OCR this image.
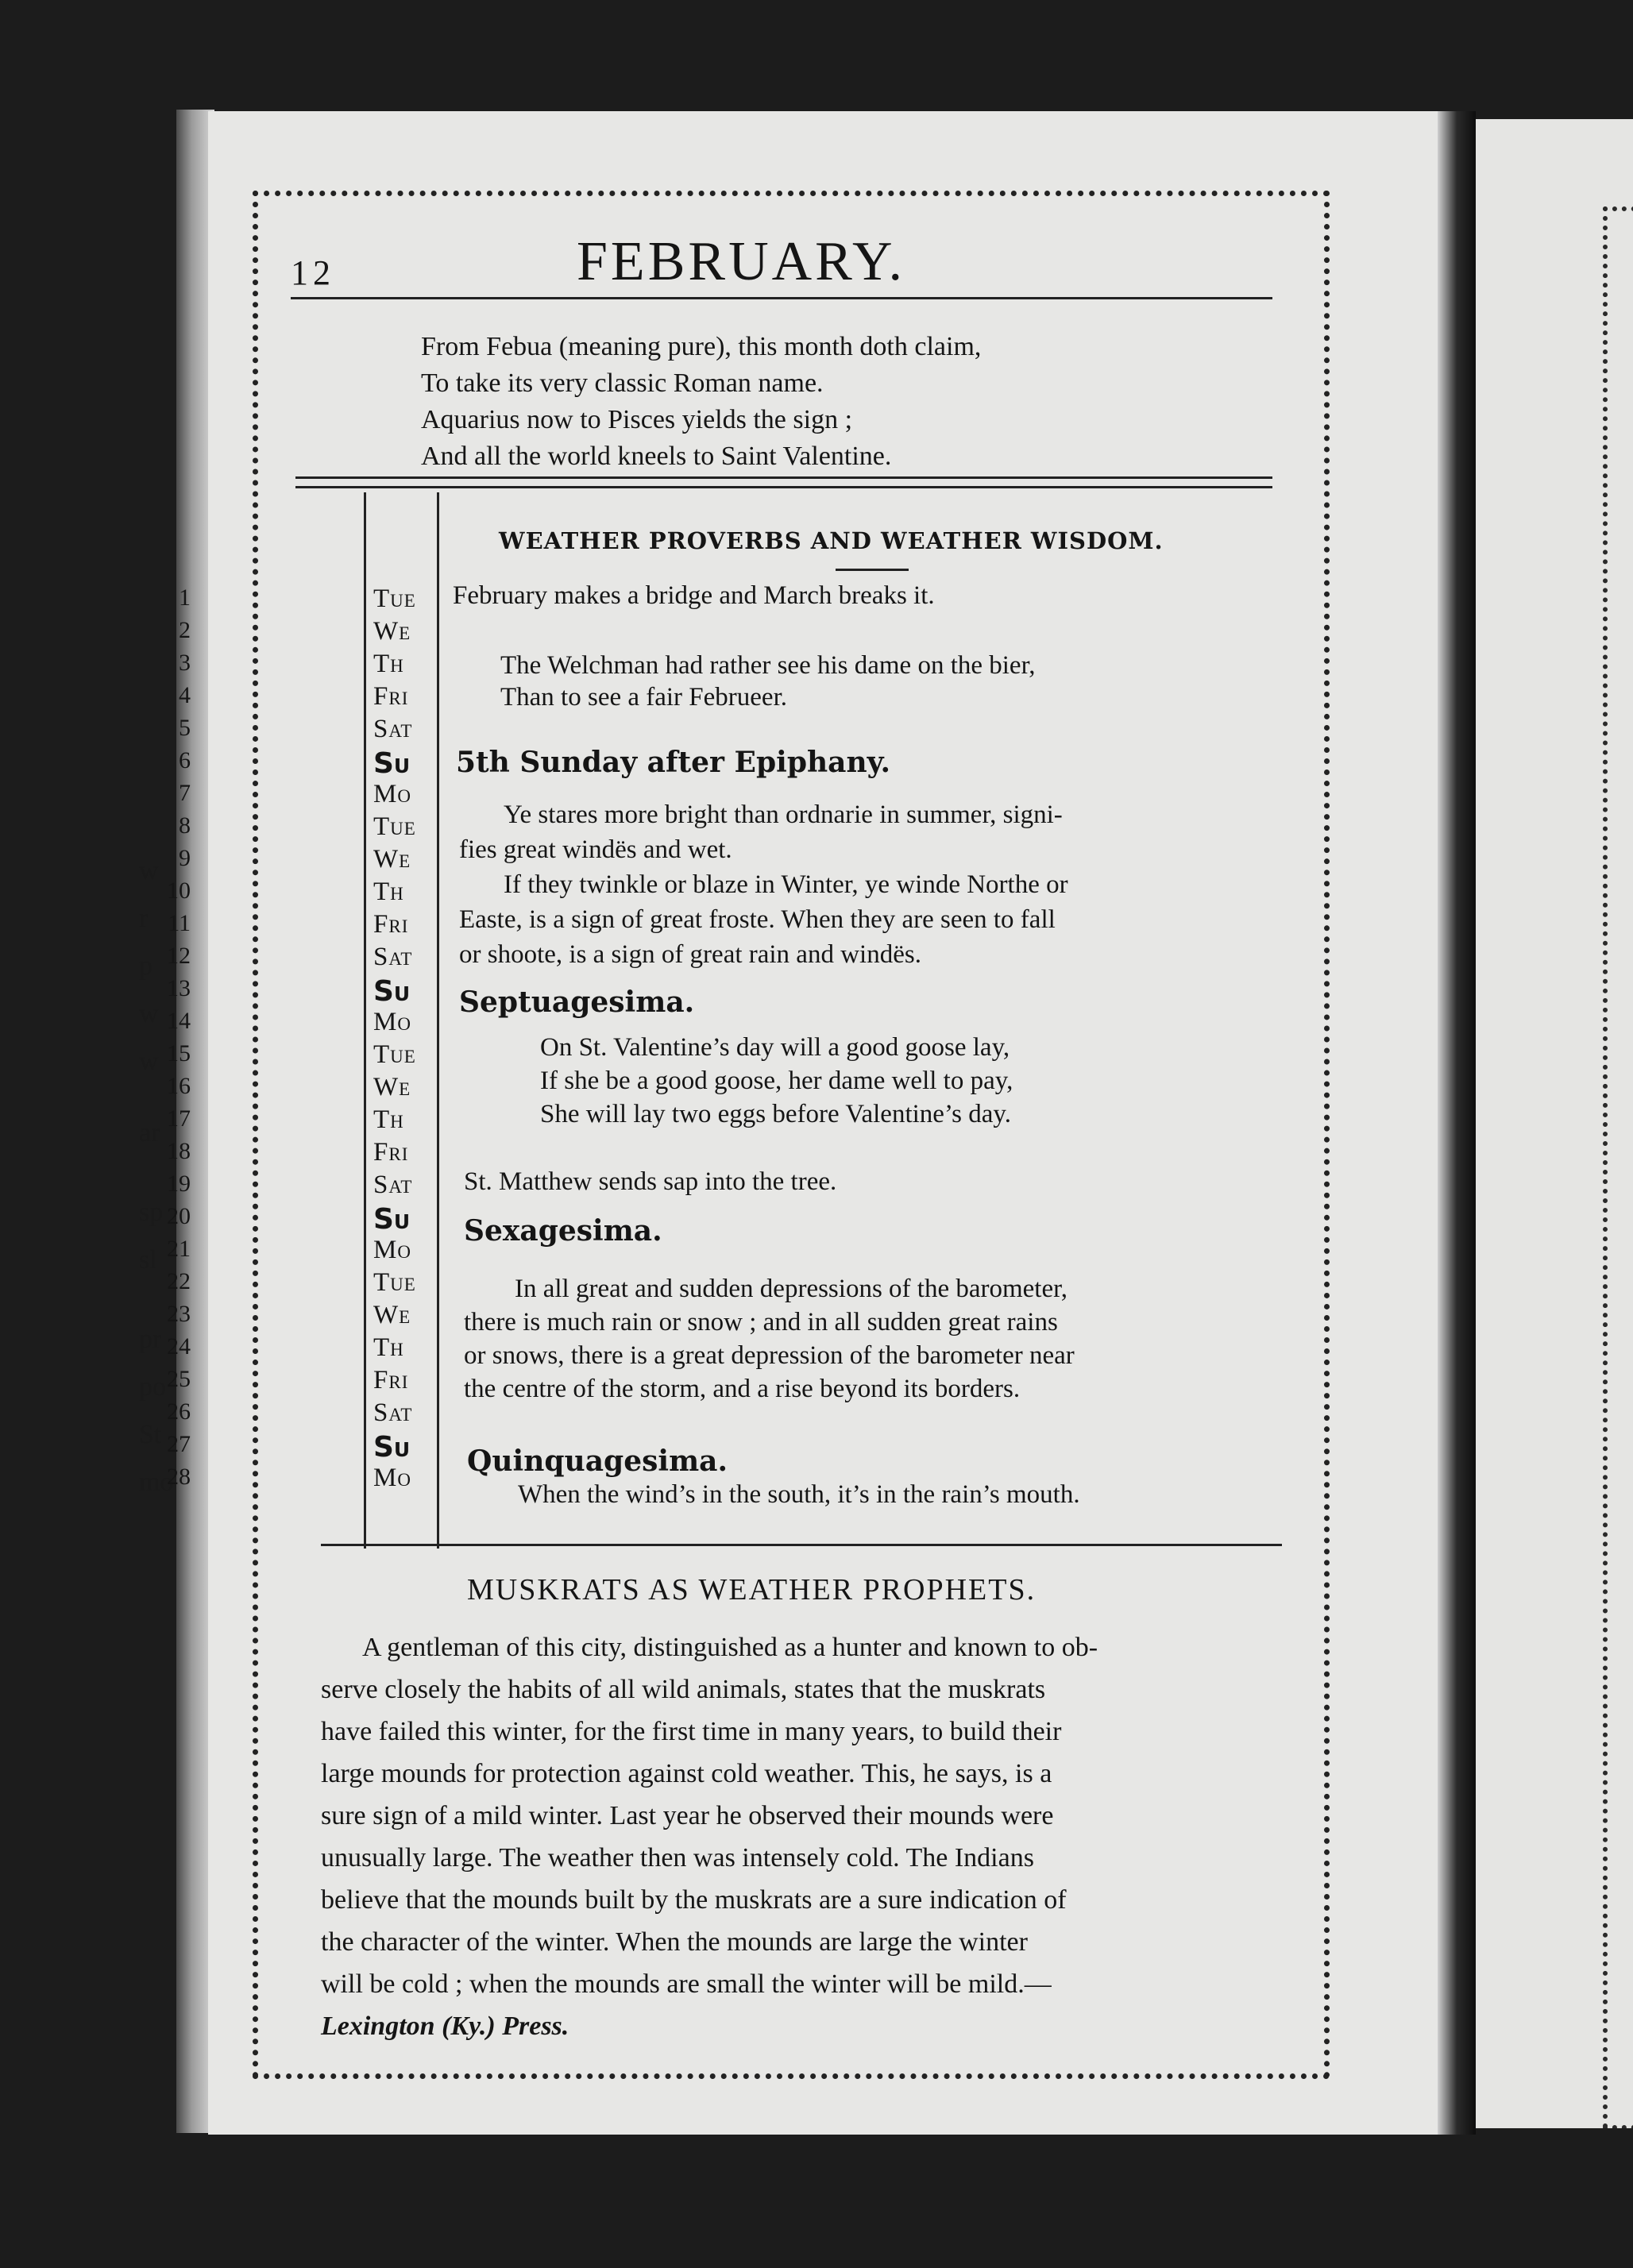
w
r
p
w
w
ar
sp
sl
pr
po
St
mo
12	FEBRUARY.
From Febua (meaning pure), this month doth claim,
To take its very classic Roman name.
Aquarius now to Pisces yields the sign ;
And all the world kneels to Saint Valentine.
1	Tue
2	We
3	Th
4	Fri
5	Sat
6	Su
7	Mo
8	Tue
9	We
10	Th
11	Fri
12	Sat
13	Su
14	Mo
15	Tue
16	We
17	Th
18	Fri
19	Sat
20	Su
21	Mo
22	Tue
23	We
24	Th
25	Fri
26	Sat
27	Su
28	Mo
WEATHER PROVERBS AND WEATHER WISDOM.
February makes a bridge and March breaks it.
The Welchman had rather see his dame on the bier,
Than to see a fair Februeer.
5th Sunday after Epiphany.
Ye stares more bright than ordnarie in summer, signi-
fies great windës and wet.
If they twinkle or blaze in Winter, ye winde Northe or
Easte, is a sign of great froste. When they are seen to fall
or shoote, is a sign of great rain and windës.
Septuagesima.
On St. Valentine’s day will a good goose lay,
If she be a good goose, her dame well to pay,
She will lay two eggs before Valentine’s day.
St. Matthew sends sap into the tree.
Sexagesima.
In all great and sudden depressions of the barometer,
there is much rain or snow ; and in all sudden great rains
or snows, there is a great depression of the barometer near
the centre of the storm, and a rise beyond its borders.
Quinquagesima.
When the wind’s in the south, it’s in the rain’s mouth.
MUSKRATS AS WEATHER PROPHETS.
A gentleman of this city, distinguished as a hunter and known to ob-
serve closely the habits of all wild animals, states that the muskrats
have failed this winter, for the first time in many years, to build their
large mounds for protection against cold weather. This, he says, is a
sure sign of a mild winter. Last year he observed their mounds were
unusually large. The weather then was intensely cold. The Indians
believe that the mounds built by the muskrats are a sure indication of
the character of the winter. When the mounds are large the winter
will be cold ; when the mounds are small the winter will be mild.—
Lexington (Ky.) Press.
